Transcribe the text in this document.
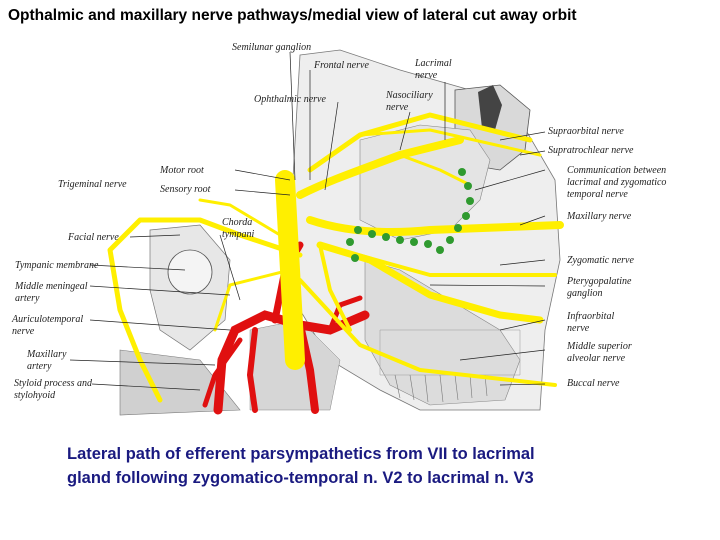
Opthalmic and maxillary nerve pathways/medial view of lateral cut away orbit
Semilunar ganglion
Frontal nerve	Lacrimal
nerve
Ophthalmic nerve	Nasociliary
nerve
Supraorbital nerve
Supratrochlear nerve
Motor root
Sensory root
Trigeminal nerve
Communication between
lacrimal and zygomatico
temporal nerve
Chorda
tympani
Facial nerve
Maxillary nerve
Tympanic membrane	Zygomatic nerve
Middle meningeal
artery
Pterygopalatine
ganglion
Auriculotemporal
nerve
Infraorbital
nerve
Maxillary
artery
Middle superior
alveolar nerve
Styloid process and
stylohyoid
Buccal nerve
Lateral path of efferent parsympathetics from VII to lacrimal
gland following zygomatico-temporal n. V2 to lacrimal n. V3
